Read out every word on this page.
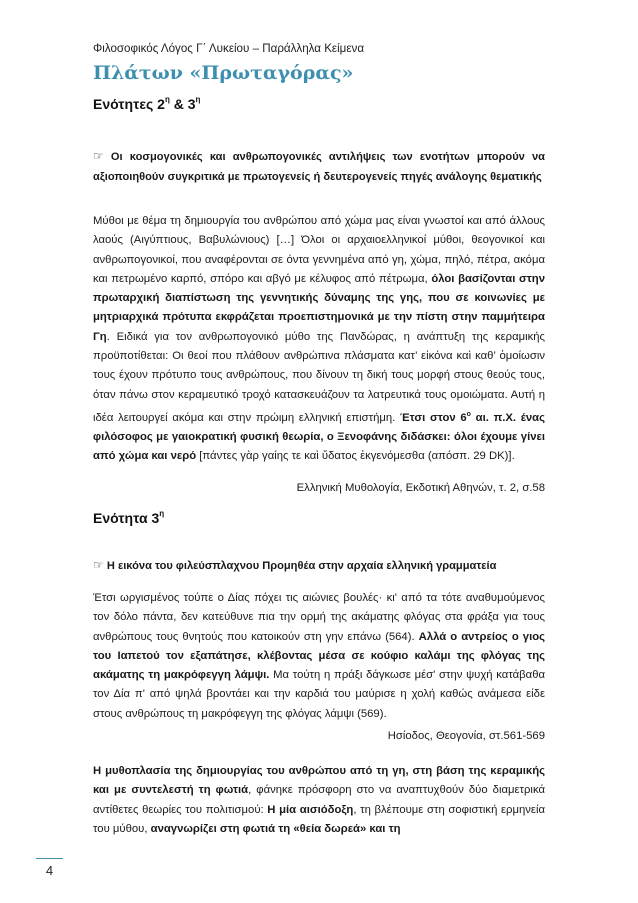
Φιλοσοφικός Λόγος Γ΄ Λυκείου – Παράλληλα Κείμενα
Πλάτων «Πρωταγόρας»
Ενότητες $2^\eta$ & $3^\eta$
☞ Οι κοσμογονικές και ανθρωπογονικές αντιλήψεις των ενοτήτων μπορούν να αξιοποιηθούν συγκριτικά με πρωτογενείς ή δευτερογενείς πηγές ανάλογης θεματικής
Μύθοι με θέμα τη δημιουργία του ανθρώπου από χώμα μας είναι γνωστοί και από άλλους λαούς (Αιγύπτιους, Βαβυλώνιους) […] Όλοι οι αρχαιοελληνικοί μύθοι, θεογονικοί και ανθρωπογονικοί, που αναφέρονται σε όντα γεννημένα από γη, χώμα, πηλό, πέτρα, ακόμα και πετρωμένο καρπό, σπόρο και αβγό με κέλυφος από πέτρωμα, όλοι βασίζονται στην πρωταρχική διαπίστωση της γεννητικής δύναμης της γης, που σε κοινωνίες με μητριαρχικά πρότυπα εκφράζεται προεπιστημονικά με την πίστη στην παμμήτειρα Γη. Ειδικά για τον ανθρωπογονικό μύθο της Πανδώρας, η ανάπτυξη της κεραμικής προϋποτίθεται: Οι θεοί που πλάθουν ανθρώπινα πλάσματα κατ’ εἰκόνα καὶ καθ’ ὁμοίωσιν τους έχουν πρότυπο τους ανθρώπους, που δίνουν τη δική τους μορφή στους θεούς τους, όταν πάνω στον κεραμευτικό τροχό κατασκευάζουν τα λατρευτικά τους ομοιώματα. Αυτή η ιδέα λειτουργεί ακόμα και στην πρώιμη ελληνική επιστήμη. Έτσι στον $6^o$ αι. π.Χ. ένας φιλόσοφος με γαιοκρατική φυσική θεωρία, ο Ξενοφάνης διδάσκει: όλοι έχουμε γίνει από χώμα και νερό [πάντες γὰρ γαίης τε καὶ ὕδατος ἐκγενόμεσθα (απόσπ. 29 DK)].
Ελληνική Μυθολογία, Εκδοτική Αθηνών, τ. 2, σ.58
Ενότητα $3^\eta$
☞ Η εικόνα του φιλεύσπλαχνου Προμηθέα στην αρχαία ελληνική γραμματεία
Έτσι ωργισμένος τούπε ο Δίας πόχει τις αιώνιες βουλές· κι' από τα τότε αναθυμούμενος τον δόλο πάντα, δεν κατεύθυνε πια την ορμή της ακάματης φλόγας στα φράξα για τους ανθρώπους τους θνητούς που κατοικούν στη γην επάνω (564). Αλλά ο αντρείος ο γιος του Ιαπετού τον εξαπάτησε, κλέβοντας μέσα σε κούφιο καλάμι της φλόγας της ακάματης τη μακρόφεγγη λάμψι. Μα τούτη η πράξι δάγκωσε μέσ' στην ψυχή κατάβαθα τον Δία π' από ψηλά βροντάει και την καρδιά του μαύρισε η χολή καθώς ανάμεσα είδε στους ανθρώπους τη μακρόφεγγη της φλόγας λάμψι (569).
Ησίοδος, Θεογονία, στ.561-569
Η μυθοπλασία της δημιουργίας του ανθρώπου από τη γη, στη βάση της κεραμικής και με συντελεστή τη φωτιά, φάνηκε πρόσφορη στο να αναπτυχθούν δύο διαμετρικά αντίθετες θεωρίες του πολιτισμού: Η μία αισιόδοξη, τη βλέπουμε στη σοφιστική ερμηνεία του μύθου, αναγνωρίζει στη φωτιά τη «θεία δωρεά» και τη
4
